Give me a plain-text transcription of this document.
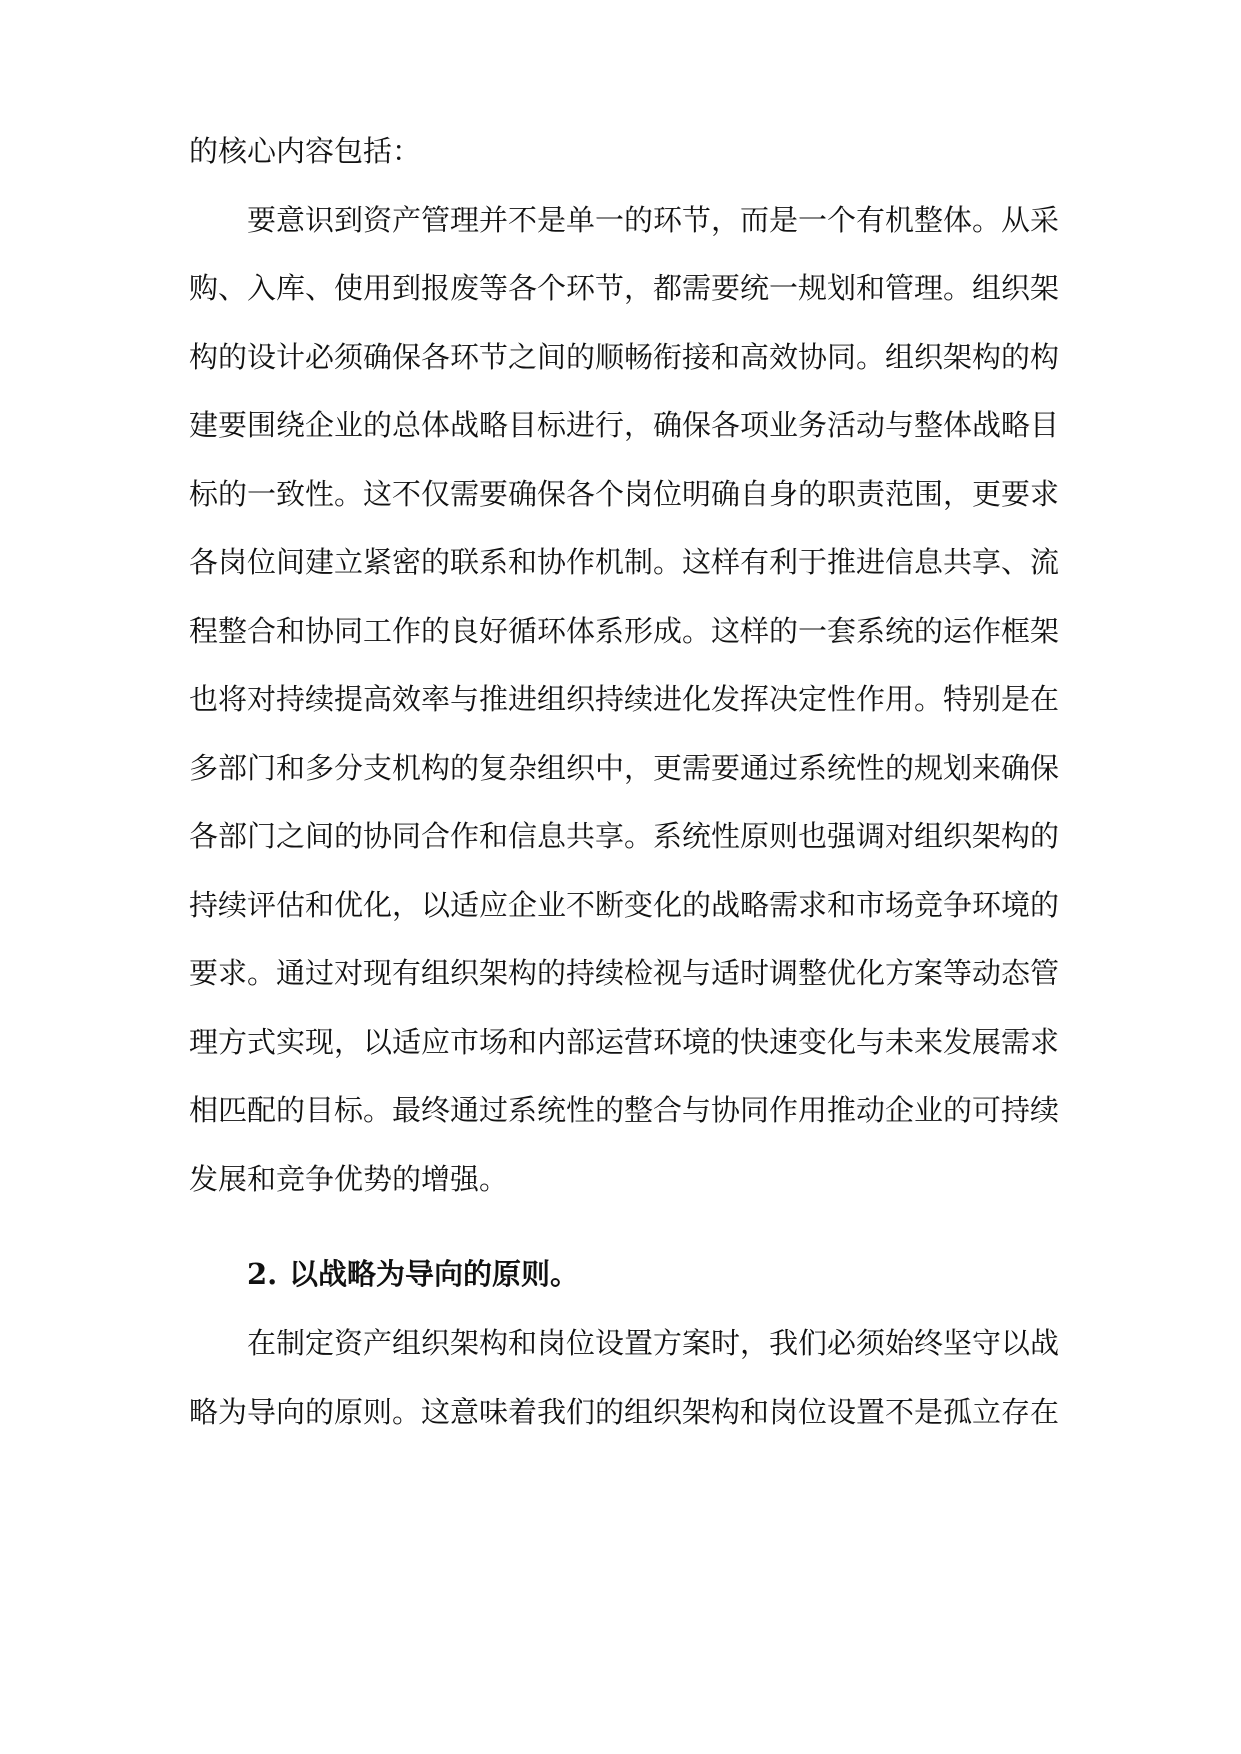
的核心内容包括：
　　要意识到资产管理并不是单一的环节，而是一个有机整体。从采
购、入库、使用到报废等各个环节，都需要统一规划和管理。组织架
构的设计必须确保各环节之间的顺畅衔接和高效协同。组织架构的构
建要围绕企业的总体战略目标进行，确保各项业务活动与整体战略目
标的一致性。这不仅需要确保各个岗位明确自身的职责范围，更要求
各岗位间建立紧密的联系和协作机制。这样有利于推进信息共享、流
程整合和协同工作的良好循环体系形成。这样的一套系统的运作框架
也将对持续提高效率与推进组织持续进化发挥决定性作用。特别是在
多部门和多分支机构的复杂组织中，更需要通过系统性的规划来确保
各部门之间的协同合作和信息共享。系统性原则也强调对组织架构的
持续评估和优化，以适应企业不断变化的战略需求和市场竞争环境的
要求。通过对现有组织架构的持续检视与适时调整优化方案等动态管
理方式实现，以适应市场和内部运营环境的快速变化与未来发展需求
相匹配的目标。最终通过系统性的整合与协同作用推动企业的可持续
发展和竞争优势的增强。
2. 以战略为导向的原则。
　　在制定资产组织架构和岗位设置方案时，我们必须始终坚守以战
略为导向的原则。这意味着我们的组织架构和岗位设置不是孤立存在
